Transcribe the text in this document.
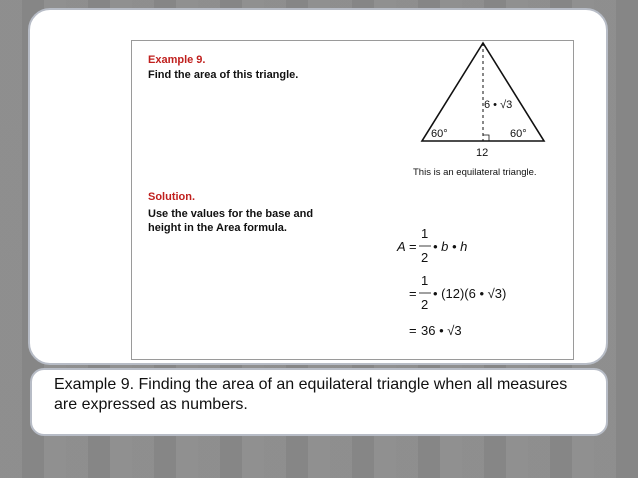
Example 9.
Find the area of this triangle.
6 • √3
60°	60°
12
This is an equilateral triangle.
Solution.
Use the values for the base and height in the Area formula.
A =
1
2
• b • h
=
1
2
• (12)(6 • √3)
= 36 • √3
Example 9. Finding the area of an equilateral triangle when all measures are expressed as numbers.
